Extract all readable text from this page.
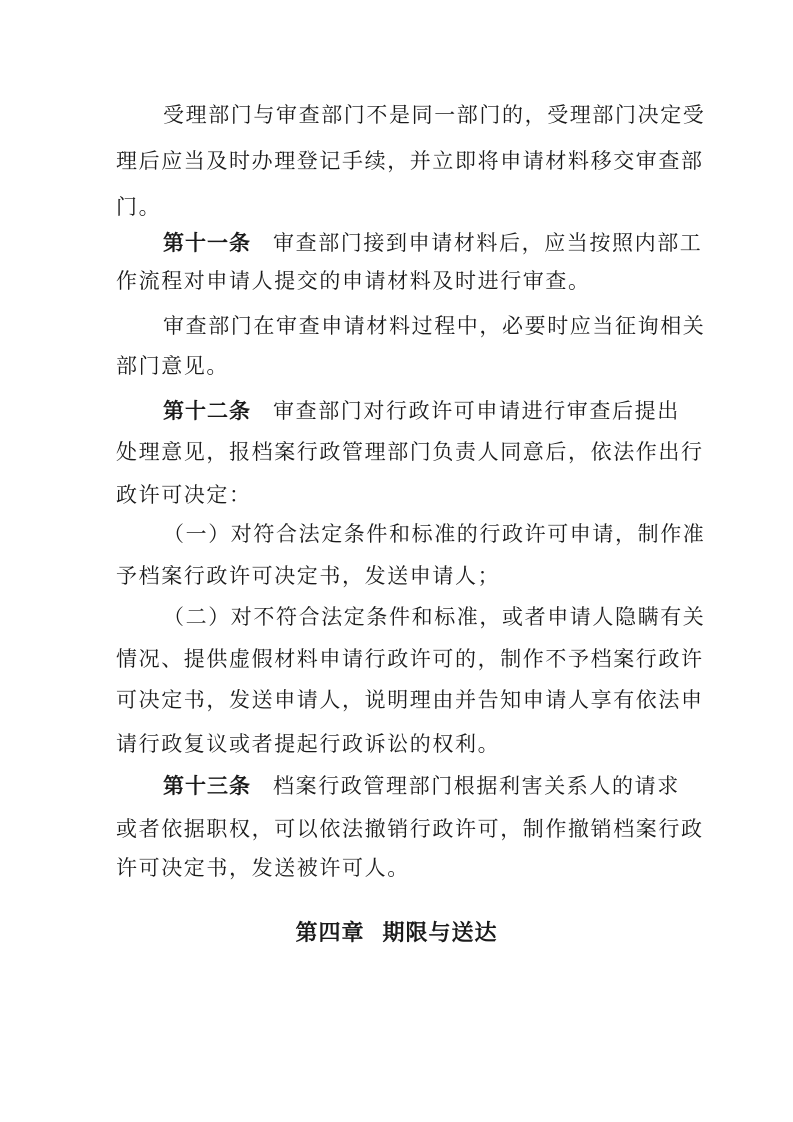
受理部门与审查部门不是同一部门的，受理部门决定受
理后应当及时办理登记手续，并立即将申请材料移交审查部
门。
第十一条 审查部门接到申请材料后，应当按照内部工
作流程对申请人提交的申请材料及时进行审查。
审查部门在审查申请材料过程中，必要时应当征询相关
部门意见。
第十二条 审查部门对行政许可申请进行审查后提出
处理意见，报档案行政管理部门负责人同意后，依法作出行
政许可决定：
（一）对符合法定条件和标准的行政许可申请，制作准
予档案行政许可决定书，发送申请人；
（二）对不符合法定条件和标准，或者申请人隐瞒有关
情况、提供虚假材料申请行政许可的，制作不予档案行政许
可决定书，发送申请人，说明理由并告知申请人享有依法申
请行政复议或者提起行政诉讼的权利。
第十三条 档案行政管理部门根据利害关系人的请求
或者依据职权，可以依法撤销行政许可，制作撤销档案行政
许可决定书，发送被许可人。
第四章 期限与送达
